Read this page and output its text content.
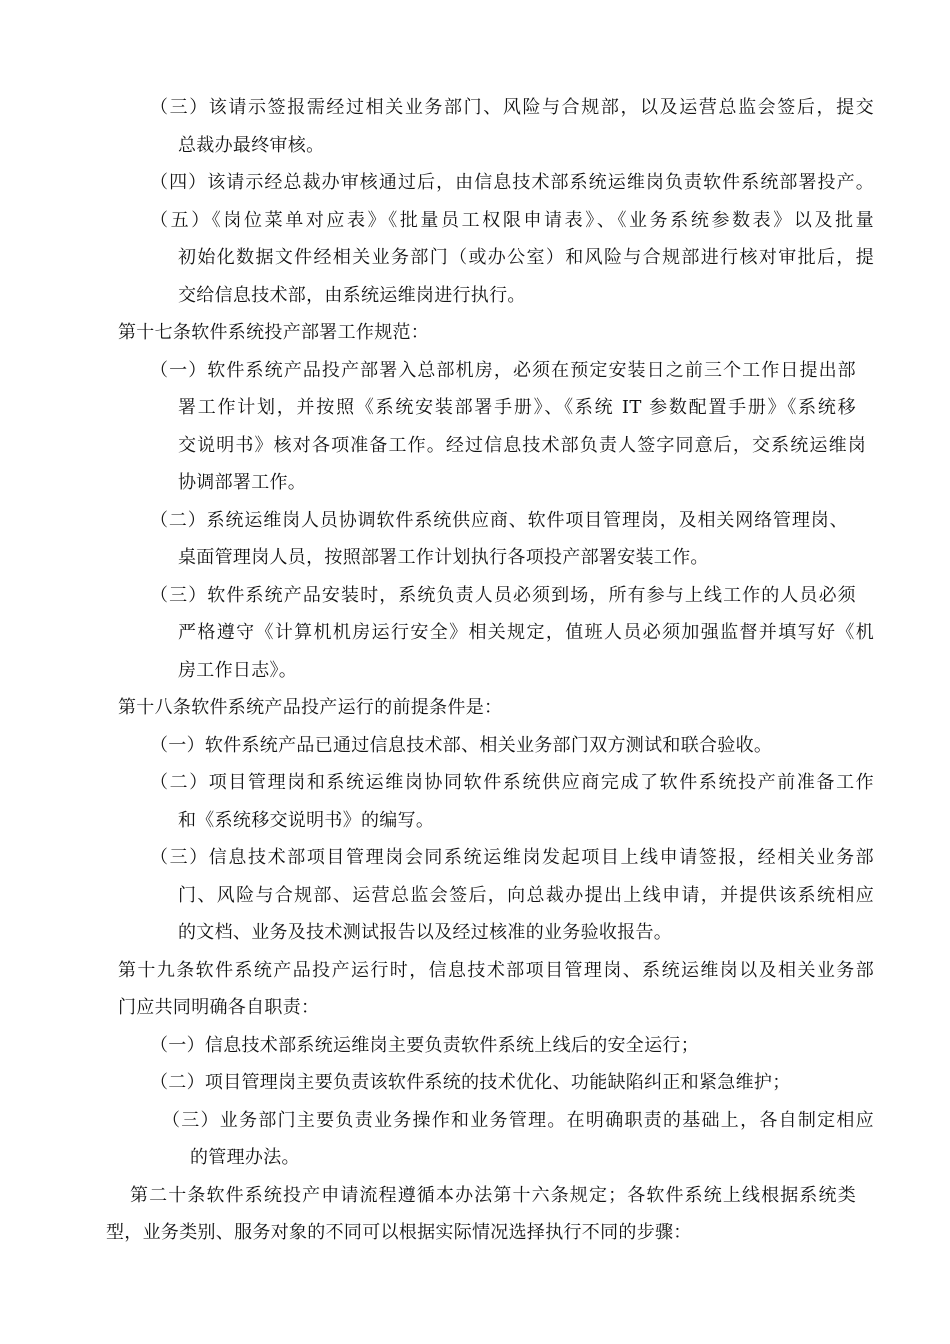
（三）该请示签报需经过相关业务部门、风险与合规部，以及运营总监会签后，提交
总裁办最终审核。
（四）该请示经总裁办审核通过后，由信息技术部系统运维岗负责软件系统部署投产。
（五）《岗位菜单对应表》《批量员工权限申请表》、《业务系统参数表》以及批量
初始化数据文件经相关业务部门（或办公室）和风险与合规部进行核对审批后，提
交给信息技术部，由系统运维岗进行执行。
第十七条软件系统投产部署工作规范：
（一）软件系统产品投产部署入总部机房，必须在预定安装日之前三个工作日提出部
署工作计划，并按照《系统安装部署手册》、《系统 IT 参数配置手册》《系统移
交说明书》核对各项准备工作。经过信息技术部负责人签字同意后，交系统运维岗
协调部署工作。
（二）系统运维岗人员协调软件系统供应商、软件项目管理岗，及相关网络管理岗、
桌面管理岗人员，按照部署工作计划执行各项投产部署安装工作。
（三）软件系统产品安装时，系统负责人员必须到场，所有参与上线工作的人员必须
严格遵守《计算机机房运行安全》相关规定，值班人员必须加强监督并填写好《机
房工作日志》。
第十八条软件系统产品投产运行的前提条件是：
（一）软件系统产品已通过信息技术部、相关业务部门双方测试和联合验收。
（二）项目管理岗和系统运维岗协同软件系统供应商完成了软件系统投产前准备工作
和《系统移交说明书》的编写。
（三）信息技术部项目管理岗会同系统运维岗发起项目上线申请签报，经相关业务部
门、风险与合规部、运营总监会签后，向总裁办提出上线申请，并提供该系统相应
的文档、业务及技术测试报告以及经过核准的业务验收报告。
第十九条软件系统产品投产运行时，信息技术部项目管理岗、系统运维岗以及相关业务部
门应共同明确各自职责：
（一）信息技术部系统运维岗主要负责软件系统上线后的安全运行；
（二）项目管理岗主要负责该软件系统的技术优化、功能缺陷纠正和紧急维护；
（三）业务部门主要负责业务操作和业务管理。在明确职责的基础上，各自制定相应
的管理办法。
第二十条软件系统投产申请流程遵循本办法第十六条规定；各软件系统上线根据系统类
型，业务类别、服务对象的不同可以根据实际情况选择执行不同的步骤：
